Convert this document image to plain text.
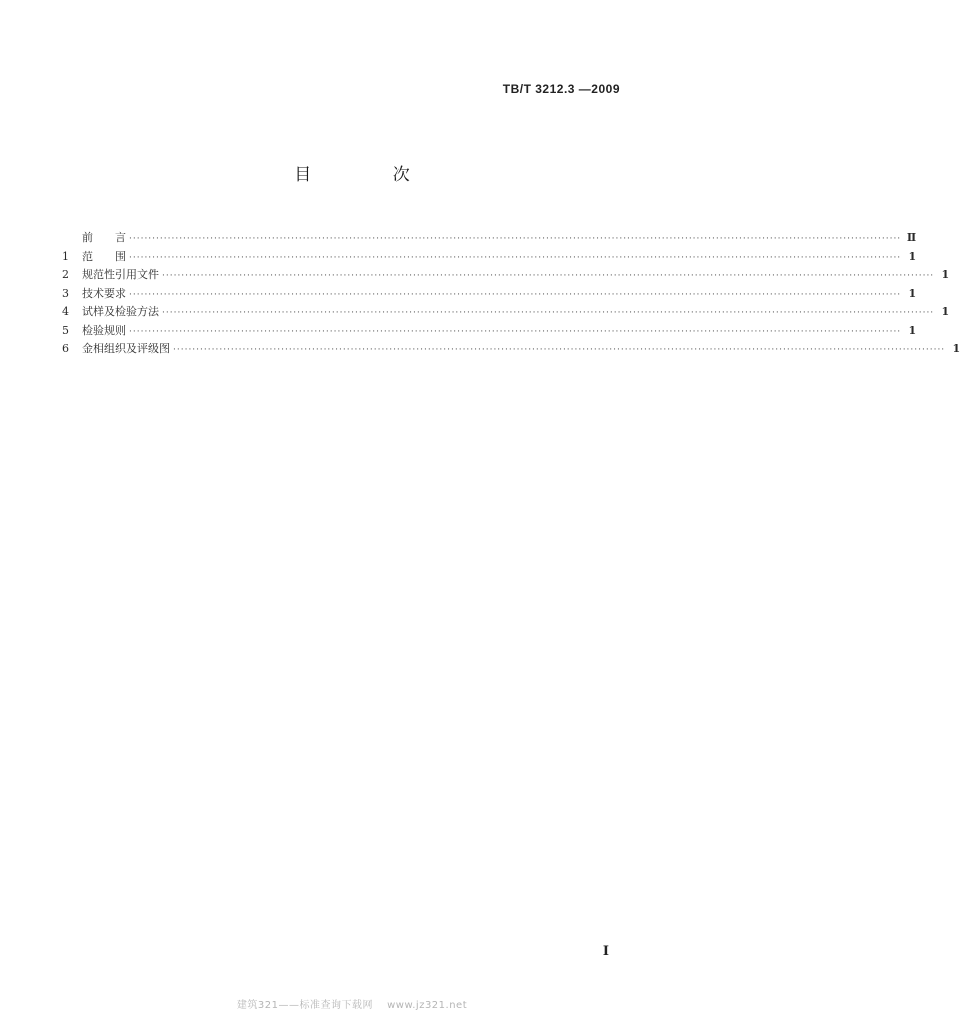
TB/T 3212.3 —2009
目 次
前　　言 ········································································································································································································ Ⅱ
1	范　　围 ········································································································································································································ 1
2	规范性引用文件 ········································································································································································································ 1
3	技术要求 ········································································································································································································ 1
4	试样及检验方法 ········································································································································································································ 1
5	检验规则 ········································································································································································································ 1
6	金相组织及评级图 ········································································································································································································ 1
I
建筑321——标准查询下载网　 www.jz321.net
